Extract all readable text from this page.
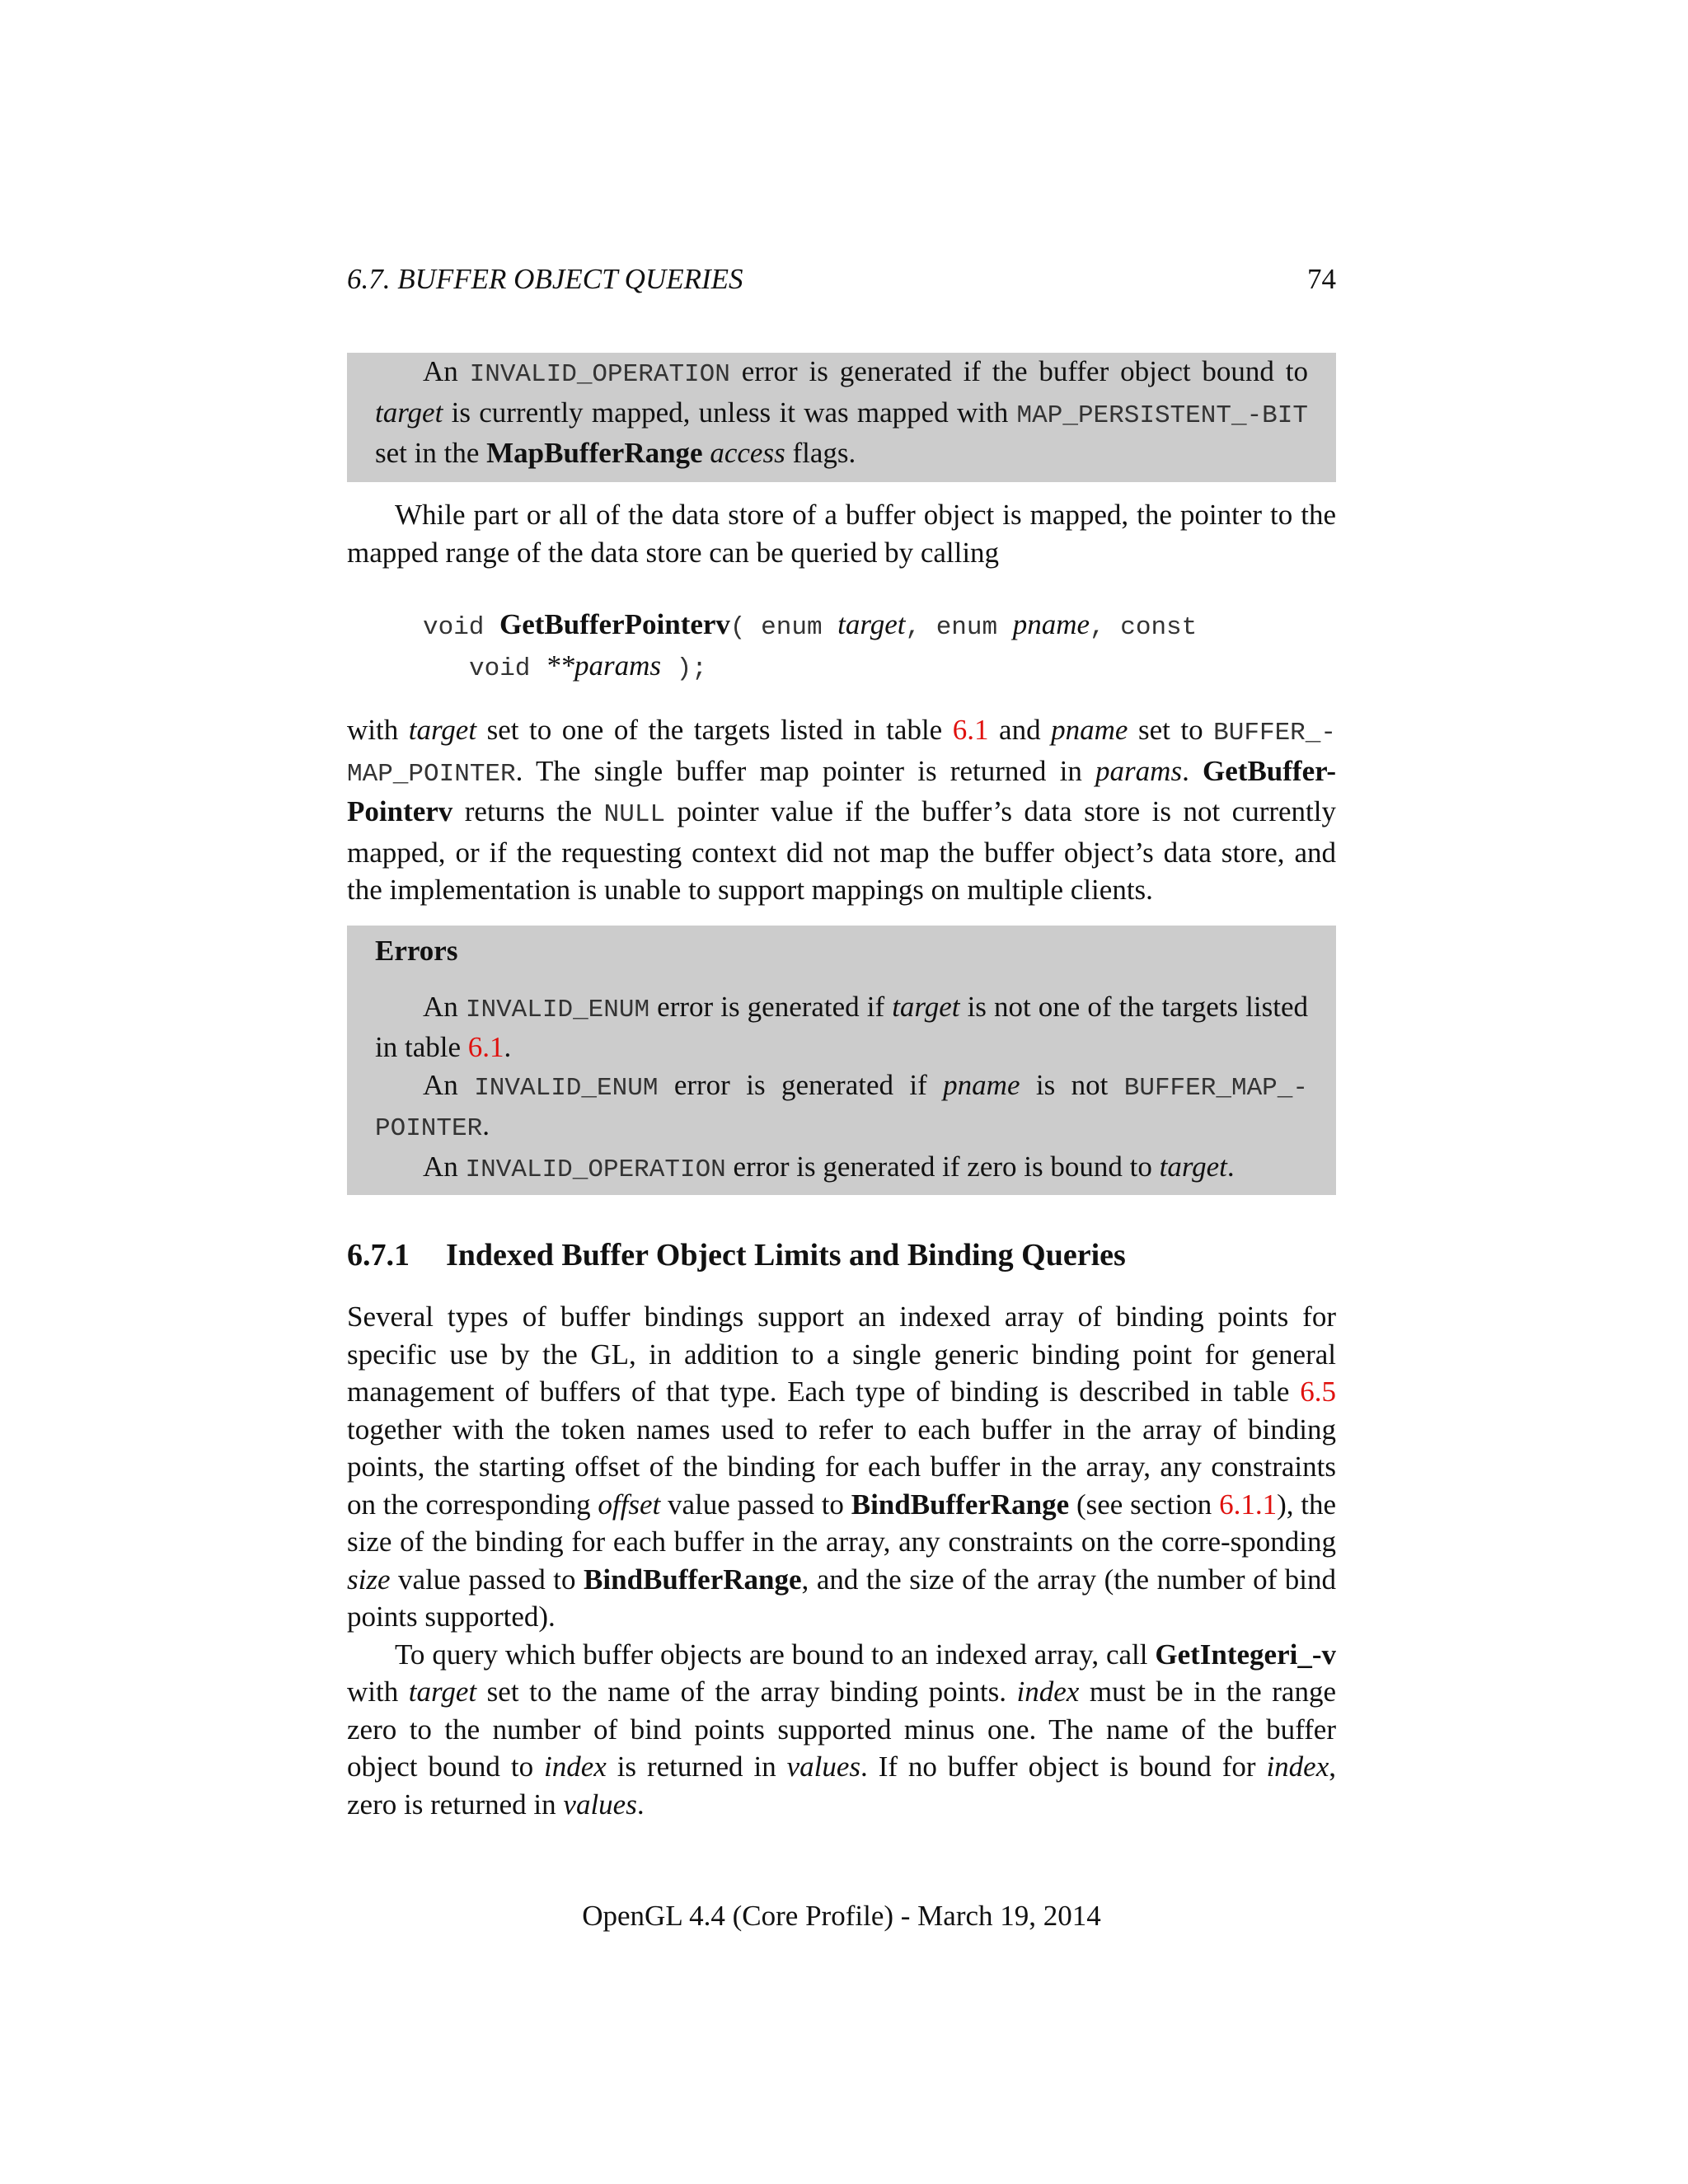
6.7. BUFFER OBJECT QUERIES	74

An INVALID_OPERATION error is generated if the buffer object bound to target is currently mapped, unless it was mapped with MAP_PERSISTENT_-BIT set in the MapBufferRange access flags.

While part or all of the data store of a buffer object is mapped, the pointer to the mapped range of the data store can be queried by calling

void GetBufferPointerv( enum target, enum pname, const
void **params );

with target set to one of the targets listed in table 6.1 and pname set to BUFFER_-MAP_POINTER. The single buffer map pointer is returned in params. GetBuffer-Pointerv returns the NULL pointer value if the buffer’s data store is not currently mapped, or if the requesting context did not map the buffer object’s data store, and the implementation is unable to support mappings on multiple clients.

Errors

An INVALID_ENUM error is generated if target is not one of the targets listed in table 6.1.

An INVALID_ENUM error is generated if pname is not BUFFER_MAP_-POINTER.

An INVALID_OPERATION error is generated if zero is bound to target.

6.7.1 Indexed Buffer Object Limits and Binding Queries

Several types of buffer bindings support an indexed array of binding points for specific use by the GL, in addition to a single generic binding point for general management of buffers of that type. Each type of binding is described in table 6.5 together with the token names used to refer to each buffer in the array of binding points, the starting offset of the binding for each buffer in the array, any constraints on the corresponding offset value passed to BindBufferRange (see section 6.1.1), the size of the binding for each buffer in the array, any constraints on the corre-sponding size value passed to BindBufferRange, and the size of the array (the number of bind points supported).

To query which buffer objects are bound to an indexed array, call GetIntegeri_-v with target set to the name of the array binding points. index must be in the range zero to the number of bind points supported minus one. The name of the buffer object bound to index is returned in values. If no buffer object is bound for index, zero is returned in values.

OpenGL 4.4 (Core Profile) - March 19, 2014
